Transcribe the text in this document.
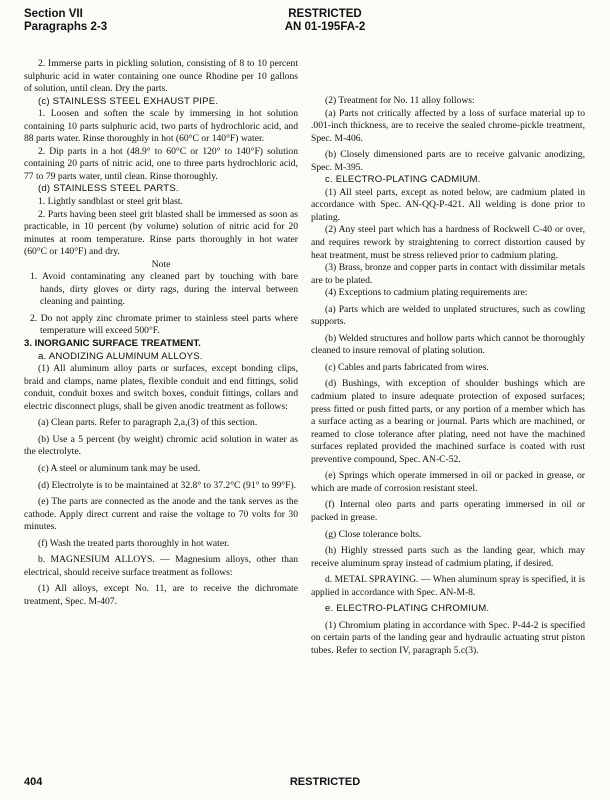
Section VII
Paragraphs 2-3
RESTRICTED
AN 01-195FA-2

2. Immerse parts in pickling solution, consisting of 8 to 10 percent sulphuric acid in water containing one ounce Rhodine per 10 gallons of solution, until clean. Dry the parts.

(c) STAINLESS STEEL EXHAUST PIPE.

1. Loosen and soften the scale by immersing in hot solution containing 10 parts sulphuric acid, two parts of hydrochloric acid, and 88 parts water. Rinse thoroughly in hot (60°C or 140°F) water.

2. Dip parts in a hot (48.9° to 60°C or 120° to 140°F) solution containing 20 parts of nitric acid, one to three parts hydrochloric acid, 77 to 79 parts water, until clean. Rinse thoroughly.

(d) STAINLESS STEEL PARTS.

1. Lightly sandblast or steel grit blast.

2. Parts having been steel grit blasted shall be immersed as soon as practicable, in 10 percent (by volume) solution of nitric acid for 20 minutes at room temperature. Rinse parts thoroughly in hot water (60°C or 140°F) and dry.

Note

1. Avoid contaminating any cleaned part by touching with bare hands, dirty gloves or dirty rags, during the interval between cleaning and painting.

2. Do not apply zinc chromate primer to stainless steel parts where temperature will exceed 500°F.

3. INORGANIC SURFACE TREATMENT.

a. ANODIZING ALUMINUM ALLOYS.

(1) All aluminum alloy parts or surfaces, except bonding clips, braid and clamps, name plates, flexible conduit and end fittings, solid conduit, conduit boxes and switch boxes, conduit fittings, collars and electric disconnect plugs, shall be given anodic treatment as follows:

(a) Clean parts. Refer to paragraph 2,a,(3) of this section.

(b) Use a 5 percent (by weight) chromic acid solution in water as the electrolyte.

(c) A steel or aluminum tank may be used.

(d) Electrolyte is to be maintained at 32.8° to 37.2°C (91° to 99°F).

(e) The parts are connected as the anode and the tank serves as the cathode. Apply direct current and raise the voltage to 70 volts for 30 minutes.

(f) Wash the treated parts thoroughly in hot water.

b. MAGNESIUM ALLOYS. — Magnesium alloys, other than electrical, should receive surface treatment as follows:

(1) All alloys, except No. 11, are to receive the dichromate treatment, Spec. M-407.

(2) Treatment for No. 11 alloy follows:

(a) Parts not critically affected by a loss of surface material up to .001-inch thickness, are to receive the sealed chrome-pickle treatment, Spec. M-406.

(b) Closely dimensioned parts are to receive galvanic anodizing, Spec. M-395.

c. ELECTRO-PLATING CADMIUM.

(1) All steel parts, except as noted below, are cadmium plated in accordance with Spec. AN-QQ-P-421. All welding is done prior to plating.

(2) Any steel part which has a hardness of Rockwell C-40 or over, and requires rework by straightening to correct distortion caused by heat treatment, must be stress relieved prior to cadmium plating.

(3) Brass, bronze and copper parts in contact with dissimilar metals are to be plated.

(4) Exceptions to cadmium plating requirements are:

(a) Parts which are welded to unplated structures, such as cowling supports.

(b) Welded structures and hollow parts which cannot be thoroughly cleaned to insure removal of plating solution.

(c) Cables and parts fabricated from wires.

(d) Bushings, with exception of shoulder bushings which are cadmium plated to insure adequate protection of exposed surfaces; press fitted or push fitted parts, or any portion of a member which has a surface acting as a bearing or journal. Parts which are machined, or reamed to close tolerance after plating, need not have the machined surfaces replated provided the machined surface is coated with rust preventive compound, Spec. AN-C-52.

(e) Springs which operate immersed in oil or packed in grease, or which are made of corrosion resistant steel.

(f) Internal oleo parts and parts operating immersed in oil or packed in grease.

(g) Close tolerance bolts.

(h) Highly stressed parts such as the landing gear, which may receive aluminum spray instead of cadmium plating, if desired.

d. METAL SPRAYING. — When aluminum spray is specified, it is applied in accordance with Spec. AN-M-8.

e. ELECTRO-PLATING CHROMIUM.

(1) Chromium plating in accordance with Spec. P-44-2 is specified on certain parts of the landing gear and hydraulic actuating strut piston tubes. Refer to section IV, paragraph 5.c(3).

404	RESTRICTED
